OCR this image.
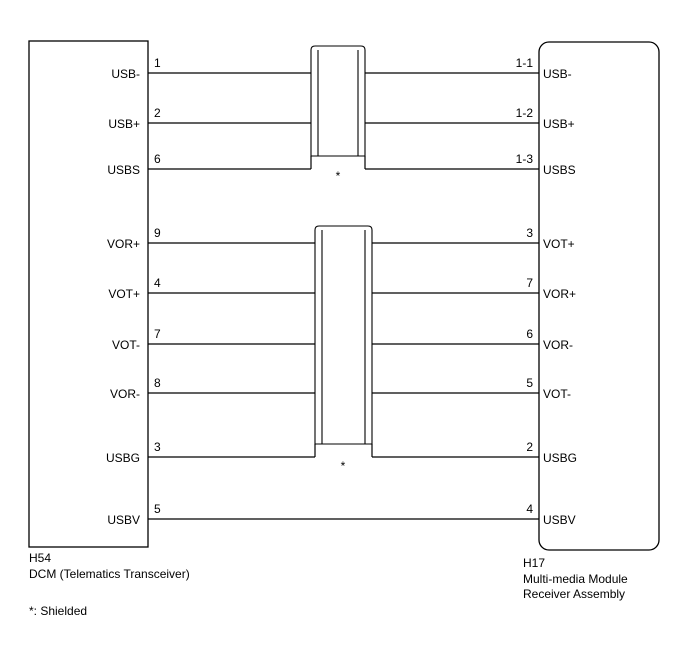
*
*
USB-
1	1-1
USB-
USB+
2	1-2
USB+
USBS
6	1-3
USBS
VOR+
9	3
VOT+
VOT+
4	7
VOR+
VOT-
7	6
VOR-
VOR-
8	5
VOT-
USBG
3	2
USBG
USBV
5	4
USBV
H54
DCM (Telematics Transceiver)
H17
Multi-media Module
Receiver Assembly
*: Shielded
